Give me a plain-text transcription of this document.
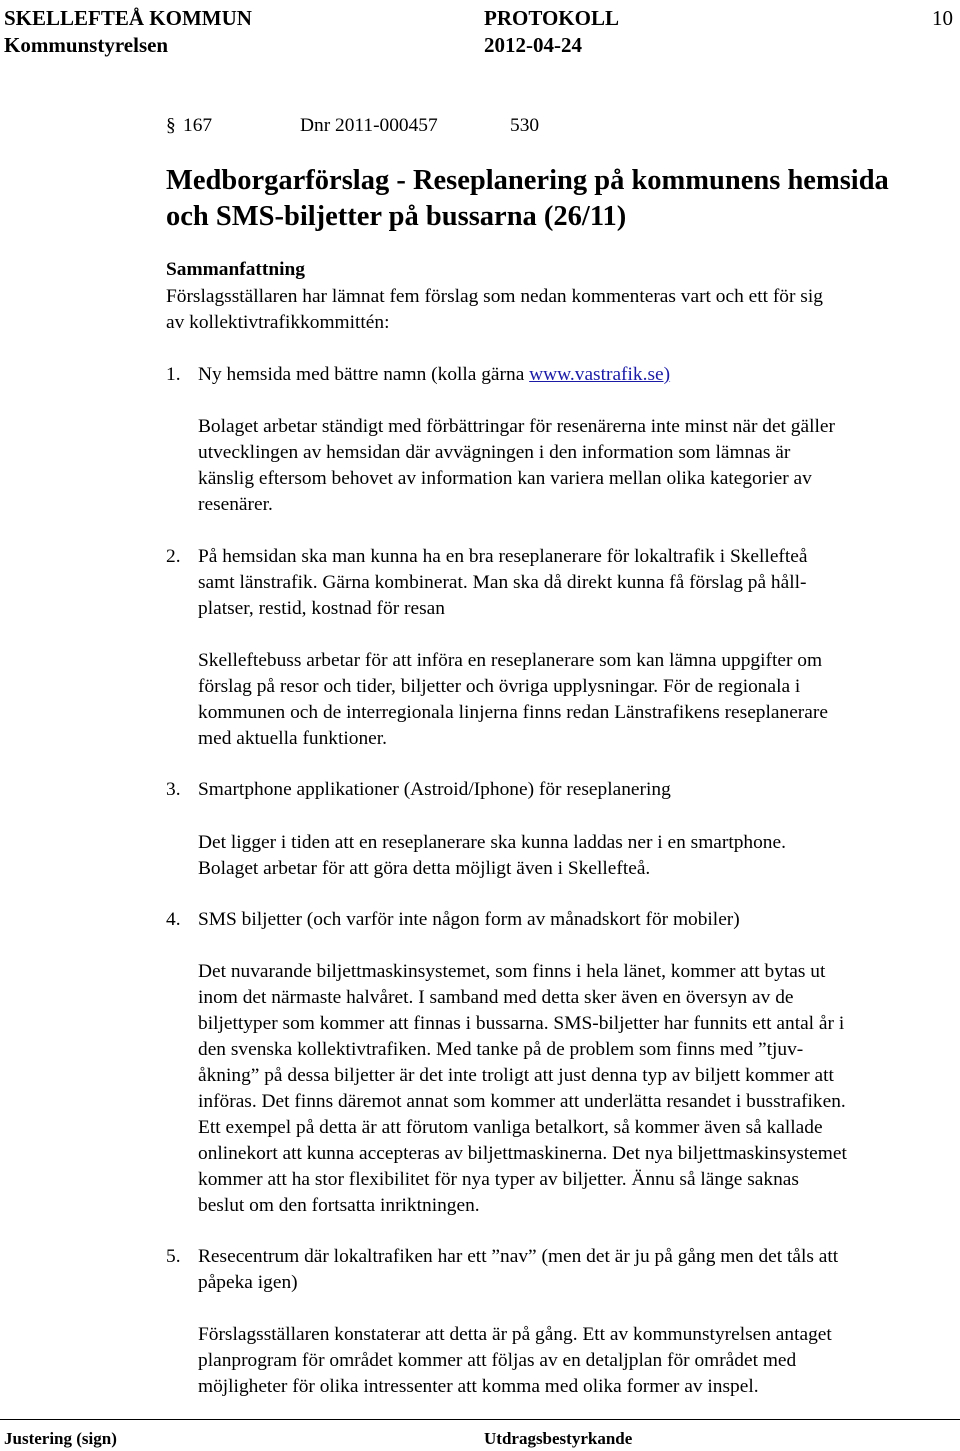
SKELLEFTEÅ KOMMUN	PROTOKOLL	10
Kommunstyrelsen	2012-04-24
§ 167	Dnr 2011-000457	530
Medborgarförslag - Reseplanering på kommunens hemsida
och SMS-biljetter på bussarna (26/11)
Sammanfattning
Förslagsställaren har lämnat fem förslag som nedan kommenteras vart och ett för sig
av kollektivtrafikkommittén:
1. Ny hemsida med bättre namn (kolla gärna www.vastrafik.se)
Bolaget arbetar ständigt med förbättringar för resenärerna inte minst när det gäller
utvecklingen av hemsidan där avvägningen i den information som lämnas är
känslig eftersom behovet av information kan variera mellan olika kategorier av
resenärer.
2. På hemsidan ska man kunna ha en bra reseplanerare för lokaltrafik i Skellefteå
samt länstrafik. Gärna kombinerat. Man ska då direkt kunna få förslag på håll-
platser, restid, kostnad för resan
Skelleftebuss arbetar för att införa en reseplanerare som kan lämna uppgifter om
förslag på resor och tider, biljetter och övriga upplysningar. För de regionala i
kommunen och de interregionala linjerna finns redan Länstrafikens reseplanerare
med aktuella funktioner.
3. Smartphone applikationer (Astroid/Iphone) för reseplanering
Det ligger i tiden att en reseplanerare ska kunna laddas ner i en smartphone.
Bolaget arbetar för att göra detta möjligt även i Skellefteå.
4. SMS biljetter (och varför inte någon form av månadskort för mobiler)
Det nuvarande biljettmaskinsystemet, som finns i hela länet, kommer att bytas ut
inom det närmaste halvåret. I samband med detta sker även en översyn av de
biljettyper som kommer att finnas i bussarna. SMS-biljetter har funnits ett antal år i
den svenska kollektivtrafiken. Med tanke på de problem som finns med ”tjuv-
åkning” på dessa biljetter är det inte troligt att just denna typ av biljett kommer att
införas. Det finns däremot annat som kommer att underlätta resandet i busstrafiken.
Ett exempel på detta är att förutom vanliga betalkort, så kommer även så kallade
onlinekort att kunna accepteras av biljettmaskinerna. Det nya biljettmaskinsystemet
kommer att ha stor flexibilitet för nya typer av biljetter. Ännu så länge saknas
beslut om den fortsatta inriktningen.
5. Resecentrum där lokaltrafiken har ett ”nav” (men det är ju på gång men det tåls att
påpeka igen)
Förslagsställaren konstaterar att detta är på gång. Ett av kommunstyrelsen antaget
planprogram för området kommer att följas av en detaljplan för området med
möjligheter för olika intressenter att komma med olika former av inspel.
Justering (sign)	Utdragsbestyrkande
